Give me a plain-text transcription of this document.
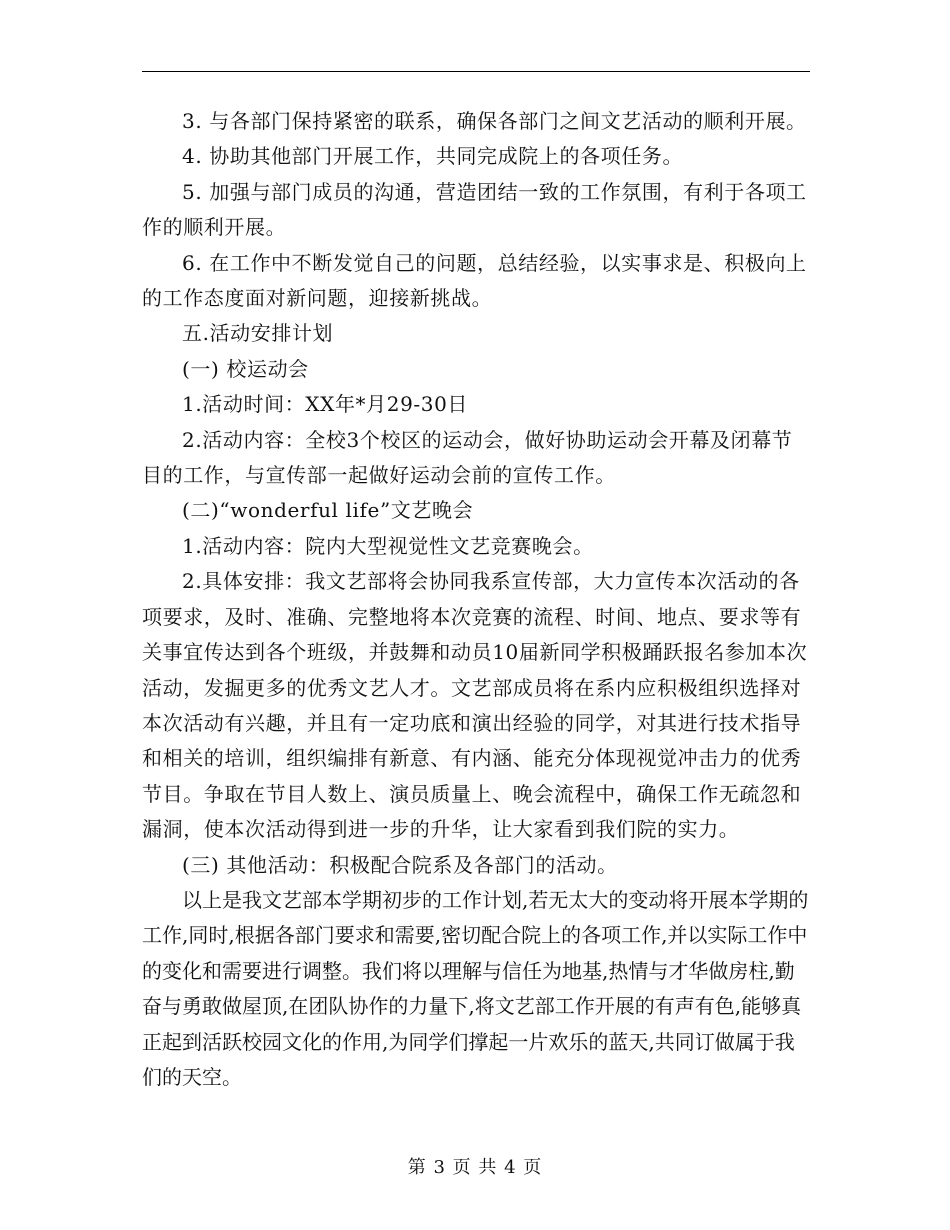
3. 与各部门保持紧密的联系，确保各部门之间文艺活动的顺利开展。

4. 协助其他部门开展工作，共同完成院上的各项任务。

5. 加强与部门成员的沟通，营造团结一致的工作氛围，有利于各项工作的顺利开展。

6. 在工作中不断发觉自己的问题，总结经验，以实事求是、积极向上的工作态度面对新问题，迎接新挑战。

五.活动安排计划

(一) 校运动会

1.活动时间：XX年*月29-30日

2.活动内容：全校3个校区的运动会，做好协助运动会开幕及闭幕节目的工作，与宣传部一起做好运动会前的宣传工作。

(二)“wonderful life”文艺晚会

1.活动内容：院内大型视觉性文艺竞赛晚会。

2.具体安排：我文艺部将会协同我系宣传部，大力宣传本次活动的各项要求，及时、准确、完整地将本次竞赛的流程、时间、地点、要求等有关事宜传达到各个班级，并鼓舞和动员10届新同学积极踊跃报名参加本次活动，发掘更多的优秀文艺人才。文艺部成员将在系内应积极组织选择对本次活动有兴趣，并且有一定功底和演出经验的同学，对其进行技术指导和相关的培训，组织编排有新意、有内涵、能充分体现视觉冲击力的优秀节目。争取在节目人数上、演员质量上、晚会流程中，确保工作无疏忽和漏洞，使本次活动得到进一步的升华，让大家看到我们院的实力。

(三) 其他活动：积极配合院系及各部门的活动。

以上是我文艺部本学期初步的工作计划,若无太大的变动将开展本学期的工作,同时,根据各部门要求和需要,密切配合院上的各项工作,并以实际工作中的变化和需要进行调整。我们将以理解与信任为地基,热情与才华做房柱,勤奋与勇敢做屋顶,在团队协作的力量下,将文艺部工作开展的有声有色,能够真正起到活跃校园文化的作用,为同学们撑起一片欢乐的蓝天,共同订做属于我们的天空。

第 3 页 共 4 页
